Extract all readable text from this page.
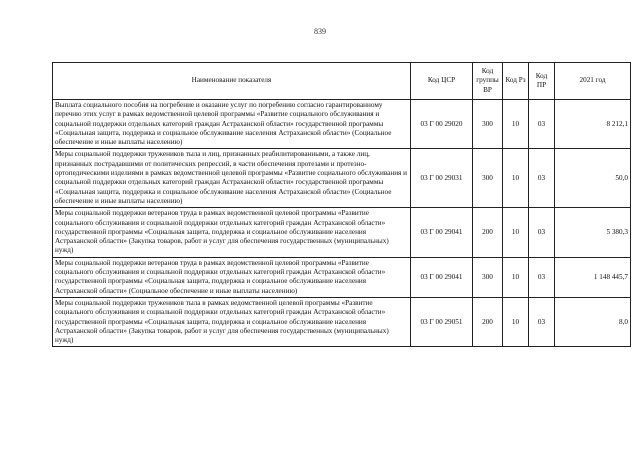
839
Наименование показателя	Код ЦСР	Код группы ВР	Код Рз	Код ПР	2021 год
Выплата социального пособия на погребение и оказание услуг по погребению согласно гарантированному перечню этих услуг в рамках ведомственной целевой программы «Развитие социального обслуживания и социальной поддержки отдельных категорий граждан Астраханской области» государственной программы «Социальная защита, поддержка и социальное обслуживание населения Астраханской области» (Социальное обеспечение и иные выплаты населению)	03 Г 00 29020	300	10	03	8 212,1
Меры социальной поддержки тружеников тыла и лиц, признанных реабилитированными, а также лиц, признанных пострадавшими от политических репрессий, в части обеспечения протезами и протезно-ортопедическими изделиями в рамках ведомственной целевой программы «Развитие социального обслуживания и социальной поддержки отдельных категорий граждан Астраханской области» государственной программы «Социальная защита, поддержка и социальное обслуживание населения Астраханской области» (Социальное обеспечение и иные выплаты населению)	03 Г 00 29031	300	10	03	50,0
Меры социальной поддержки ветеранов труда в рамках ведомственной целевой программы «Развитие социального обслуживания и социальной поддержки отдельных категорий граждан Астраханской области» государственной программы «Социальная защита, поддержка и социальное обслуживание населения Астраханской области» (Закупка товаров, работ и услуг для обеспечения государственных (муниципальных) нужд)	03 Г 00 29041	200	10	03	5 380,3
Меры социальной поддержки ветеранов труда в рамках ведомственной целевой программы «Развитие социального обслуживания и социальной поддержки отдельных категорий граждан Астраханской области» государственной программы «Социальная защита, поддержка и социальное обслуживание населения Астраханской области» (Социальное обеспечение и иные выплаты населению)	03 Г 00 29041	300	10	03	1 148 445,7
Меры социальной поддержки тружеников тыла в рамках ведомственной целевой программы «Развитие социального обслуживания и социальной поддержки отдельных категорий граждан Астраханской области» государственной программы «Социальная защита, поддержка и социальное обслуживание населения Астраханской области» (Закупка товаров, работ и услуг для обеспечения государственных (муниципальных) нужд)	03 Г 00 29051	200	10	03	8,0
